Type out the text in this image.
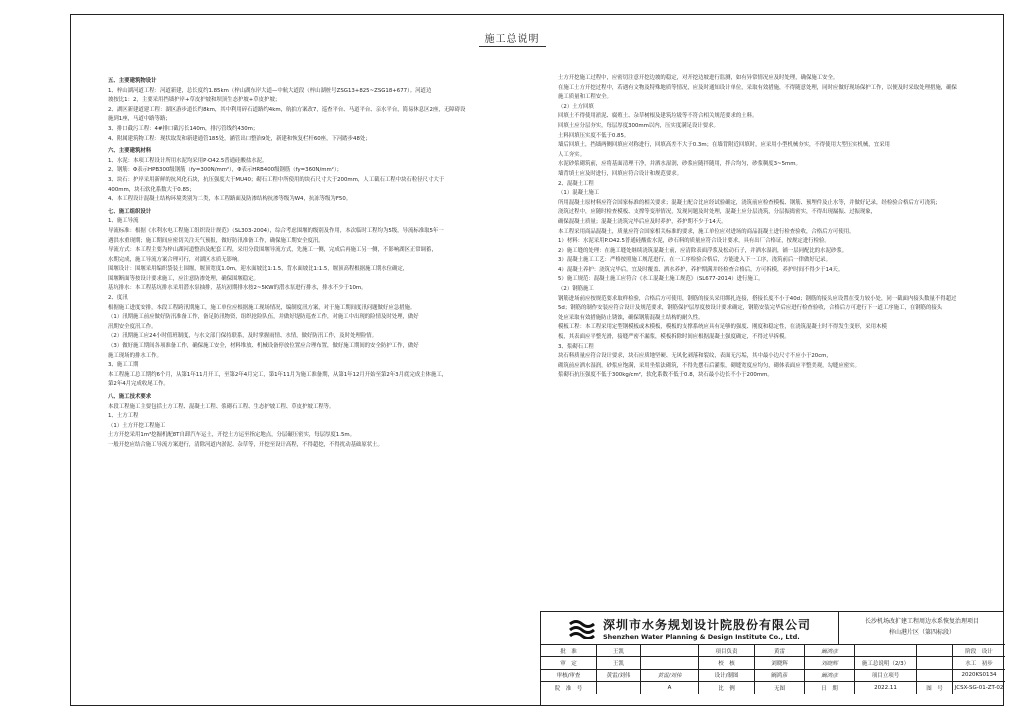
施工总说明

五、主要建筑物设计

1、梓山湖河道工程：河道新建，总长度约1.85km（梓山湖东岸大道—中航大道段（梓山湖桩号ZSG13+825~ZSG18+677）。河道边

坡按比1：2，主要采用挡墙护岸+草皮护坡和坝顶生态护坡+草皮护坡；

2、湖区新建道建工程：湖区游步道长约8km，其中利用碎石道路约4km，航拍方案改7，巡查平台、马道平台、亲水平台，简易休息区2座，无障碍设

施到1座，马道中路等路；

3、排口截污工程：4#排口截污长140m，排污管线约430m；

4、附属建筑物工程：现状取发和新建通管185处，涵管出口整治9处，新建和恢复栏杆60座，下河踏步48处；

六、主要建筑材料

1、水泥：本项工程设计所用水泥均采用P·O42.5普通硅酸盐水泥。

2、钢筋：Φ表示HPB300级钢筋（fy=300N/mm²），Φ表示HRB400级钢筋（fy=360N/mm²）；

3、块石：护岸采用新鲜的抗风化石块，抗压强度大于MU40；砌石工程中所使用的块石尺寸大于200mm，人工截石工程中块石粒径尺寸大于

400mm，块石软化系数大于0.85；

4、本工程设计混凝土结构环境类别为二类，本工程路面及防渗结构抗渗等级为W4，抗冻等级为F50。

七、施工组织设计

1、施工导流

导流标准：根据《水利水电工程施工组织设计规范》（SL303-2004），综合考虑围堰的级别及作用，本次临时工程均为5级，导流标准取5年一

遇洪水重现期；施工期间应密切关注天气预报，做好防汛准备工作，确保施工期安全度汛。

导流方式：本工程主要为梓山湖河道整治及配套工程，采用分段围堰导流方式，先施工一侧，完成后再施工另一侧，不影响湖区正常调蓄，

水期完成，施工导流方案合理可行，对湖区水质无影响。

围堰设计：围堰采用编织袋装土围堰，堰顶宽度1.0m，迎水面坡比1:1.5，背水面坡比1:1.5，堰顶高程根据施工期水位确定，

围堰断面等按设计要求施工，应注意防渗处理，确保围堰稳定。

基坑排水：本工程基坑排水采用潜水泵抽排，基坑初期排水按2~5KW的潜水泵进行排水，排水不少于10m。

2、度汛

根据施工进度安排，本段工程跨汛期施工，施工单位应根据施工现场情况，编制度汛方案，对于施工期间度汛问题做好应急措施。

（1）汛期施工前应做好防汛准备工作，备足防汛物资，组织抢险队伍，并做好堤防巡查工作，对施工中出现的险情及时处理，做好

汛期安全度汛工作。

（2）汛期施工应24小时值班制度，与水文部门保持联系，及时掌握雨情、水情，做好防汛工作，及时处理险情。

（3）做好施工期间各项准备工作，确保施工安全，材料堆放、机械设备停放位置应合理布置，做好施工期间的安全防护工作，做好

施工现场的排水工作。

3、施工工期

本工程施工总工期约6个月，从第1年11月开工，至第2年4月完工，第1年11月为施工准备期，从第1年12月开始至第2年3月底完成主体施工，

第2年4月完成收尾工作。

八、施工技术要求

本段工程施工主要包括土方工程、混凝土工程、浆砌石工程、生态护坡工程、草皮护坡工程等。

1、土方工程

（1）土方开挖工程施工

土方开挖采用1m³挖掘机配8T自卸汽车运土，开挖土方运至指定地点，分层碾压密实，每层厚度1.5m。

一般开挖应结合施工导流方案进行，清除河道内淤泥、杂草等，开挖至设计高程，不得超挖，不得扰动基础原状土。

土方开挖施工过程中，应密切注意开挖边坡的稳定，对开挖边坡进行监测，如有异常情况应及时处理，确保施工安全。

在施工土方开挖过程中，若遇有文物及特殊地质等情况，应及时通知设计单位，采取有效措施，不得随意处理，同时应做好现场保护工作，以便及时采取处理措施，确保

施工质量和工程安全。

（2）土方回填

回填土不得使用淤泥、腐殖土、杂草树根及建筑垃圾等不符合相关规范要求的土料。

回填土应分层夯实，每层厚度300mm以内，压实度满足设计要求。

土料回填压实度不低于0.85。

墙后回填土，挡墙两侧回填应对称进行，回填高差不大于0.3m；在墙背附近回填时，应采用小型机械夯实，不得使用大型压实机械，宜采用

人工夯实。

水泥砂浆砌筑前，应将基面清理干净，并洒水湿润，砂浆应随拌随用，拌合均匀，砂浆稠度3~5mm。

墙背填土应及时进行，回填应符合设计和规范要求。

2、混凝土工程

（1）混凝土施工

所用混凝土原材料应符合国家标准的相关要求；混凝土配合比应经试验确定，浇筑前应检查模板、钢筋、预埋件及止水等，并做好记录，经检验合格后方可浇筑；

浇筑过程中，应随时检查模板、支撑等变形情况，发现问题及时处理，混凝土应分层浇筑，分层振捣密实，不得出现漏振、过振现象，

确保混凝土质量；混凝土浇筑完毕后应及时养护，养护期不少于14天。

本工程采用商品混凝土，质量应符合国家相关标准的要求，施工单位应对进场的商品混凝土进行检查验收，合格后方可使用。

1）材料：水泥采用P.O42.5普通硅酸盐水泥，砂石料的质量应符合设计要求，具有出厂合格证，按规定进行检验。

2）施工缝的处理：在施工缝处继续浇筑混凝土前，应清除表面浮浆及松动石子，并洒水湿润，铺一层同配比的水泥砂浆。

3）混凝土施工工艺：严格按照施工规范进行，在一工序检验合格后，方能进入下一工序，浇筑前后一律做好记录。

4）混凝土养护：浇筑完毕后，宜及时覆盖、洒水养护，养护期满并经检查合格后，方可拆模，养护时间不得少于14天。

5）施工规范：混凝土施工应符合《水工混凝土施工规范》（SL677-2014）进行施工。

（2）钢筋施工

钢筋进场前应按规范要求取样检验，合格后方可使用，钢筋的接头采用绑扎连接，搭接长度不小于40d；钢筋的接头应设置在受力较小处，同一截面内接头数量不得超过

5d；钢筋的制作安装应符合设计及规范要求，钢筋保护层厚度按设计要求确定，钢筋安装完毕后应进行检查验收，合格后方可进行下一道工序施工，在钢筋的接头

处应采取有效措施防止锈蚀，确保钢筋混凝土结构的耐久性。

模板工程：本工程采用定型钢模板或木模板，模板的支撑系统应具有足够的强度、刚度和稳定性，在浇筑混凝土时不得发生变形，采用木模

板，其表面应平整光滑，接缝严密不漏浆，模板拆除时间应根据混凝土强度确定，不得过早拆模。

3、浆砌石工程

块石料质量应符合设计要求，块石应质地坚硬、无风化剥落和裂纹，表面无污垢，其中最小边尺寸不应小于20cm，

砌筑前应洒水湿润，砂浆应饱满，采用坐浆法砌筑，不得先摆石后灌浆，砌缝宽度应均匀，砌体表面应平整美观，勾缝应密实。

浆砌石抗压强度不低于300kg/cm²，软化系数不低于0.8，块石最小边长不小于200mm。

深圳市水务规划设计院股份有限公司
Shenzhen Water Planning & Design Institute Co., Ltd.
长沙机场改扩建工程周边水系恢复治理项目
梓山港片区（第四标段）
批　准	王凯	项目负责	黄雷	阚鸿彦	阶段　设计
审　定	王凯	校　核	刘晓辉	刘晓辉	施工总说明（2/3）	水工　初步
审核/审查	黄雷/刘伟	黄雷/刘伟	设计/制图	阚鸿彦	阚鸿彦	项目立项号	2020KS0134
院　准　号	A	比　例	无图	日　期	2022.11	图　号	JCSX-SG-01-ZT-02
